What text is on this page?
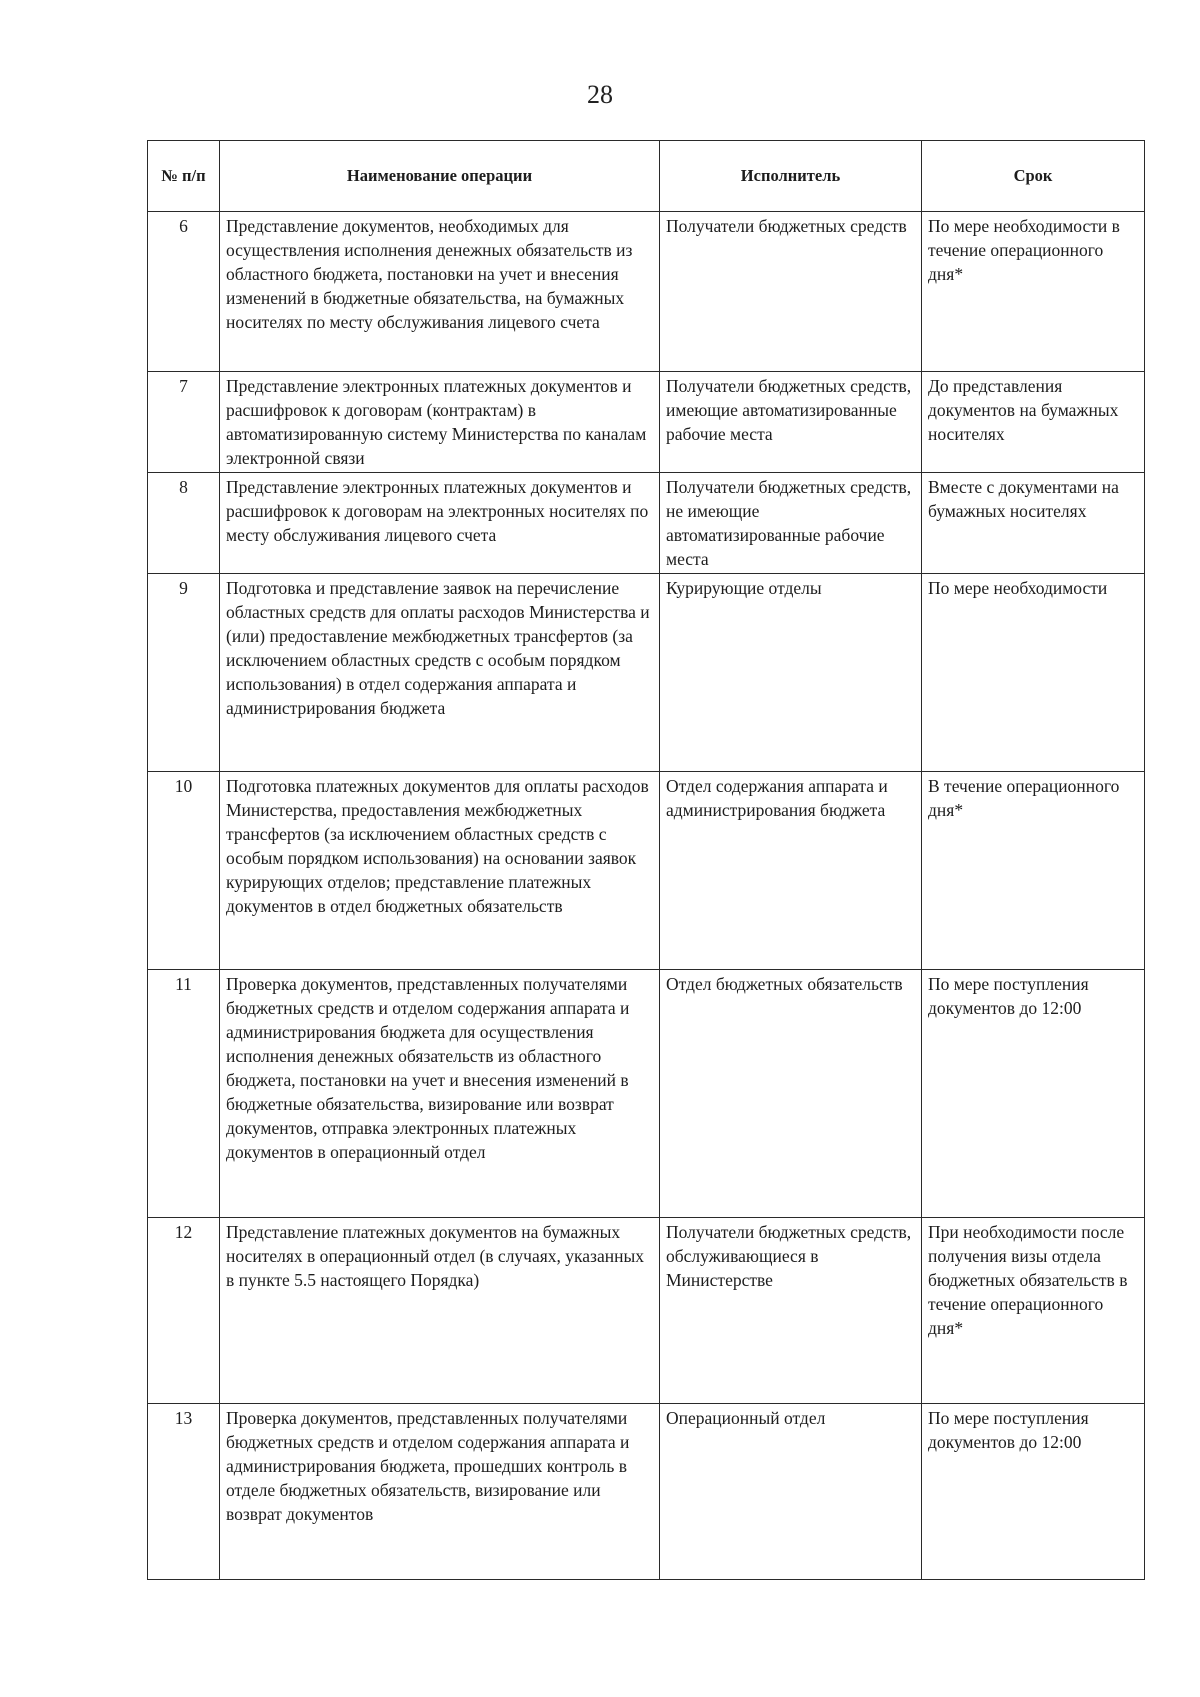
28
№ п/п	Наименование операции	Исполнитель	Срок
6	Представление документов, необходимых для осуществления исполнения денежных обязательств из областного бюджета, постановки на учет и внесения изменений в бюджетные обязательства, на бумажных носителях по месту обслуживания лицевого счета	Получатели бюджетных средств	По мере необходимости в течение операционного дня*
7	Представление электронных платежных документов и расшифровок к договорам (контрактам) в автоматизированную систему Министерства по каналам электронной связи	Получатели бюджетных средств, имеющие автоматизированные рабочие места	До представления документов на бумажных носителях
8	Представление электронных платежных документов и расшифровок к договорам на электронных носителях по месту обслуживания лицевого счета	Получатели бюджетных средств, не имеющие автоматизированные рабочие места	Вместе с документами на бумажных носителях
9	Подготовка и представление заявок на перечисление областных средств для оплаты расходов Министерства и (или) предоставление межбюджетных трансфертов (за исключением областных средств с особым порядком использования) в отдел содержания аппарата и администрирования бюджета	Курирующие отделы	По мере необходимости
10	Подготовка платежных документов для оплаты расходов Министерства, предоставления межбюджетных трансфертов (за исключением областных средств с особым порядком использования) на основании заявок курирующих отделов; представление платежных документов в отдел бюджетных обязательств	Отдел содержания аппарата и администрирования бюджета	В течение операционного дня*
11	Проверка документов, представленных получателями бюджетных средств и отделом содержания аппарата и администрирования бюджета для осуществления исполнения денежных обязательств из областного бюджета, постановки на учет и внесения изменений в бюджетные обязательства, визирование или возврат документов, отправка электронных платежных документов в операционный отдел	Отдел бюджетных обязательств	По мере поступления документов до 12:00
12	Представление платежных документов на бумажных носителях в операционный отдел (в случаях, указанных в пункте 5.5 настоящего Порядка)	Получатели бюджетных средств, обслуживающиеся в Министерстве	При необходимости после получения визы отдела бюджетных обязательств в течение операционного дня*
13	Проверка документов, представленных получателями бюджетных средств и отделом содержания аппарата и администрирования бюджета, прошедших контроль в отделе бюджетных обязательств, визирование или возврат документов	Операционный отдел	По мере поступления документов до 12:00
